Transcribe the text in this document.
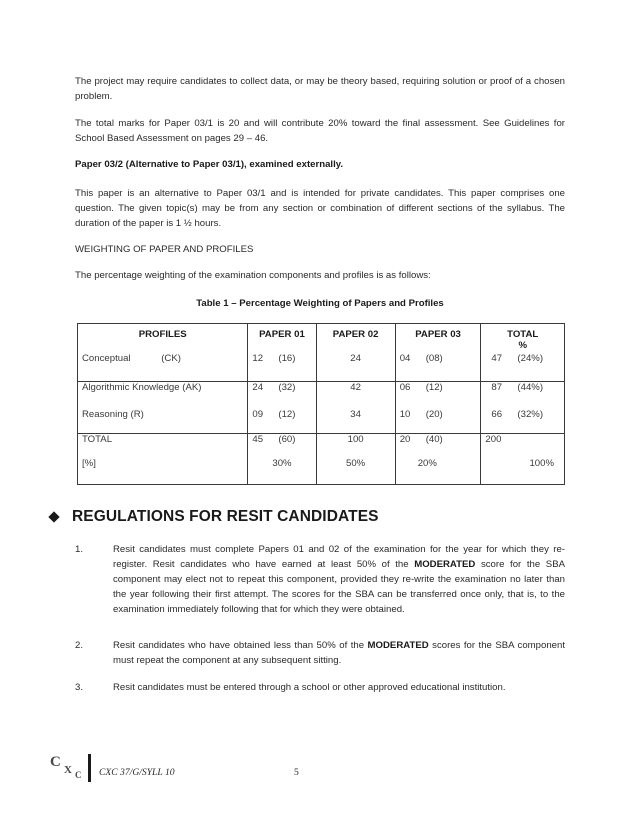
The project may require candidates to collect data, or may be theory based, requiring solution or proof of a chosen problem.

The total marks for Paper 03/1 is 20 and will contribute 20% toward the final assessment. See Guidelines for School Based Assessment on pages 29 – 46.

Paper 03/2 (Alternative to Paper 03/1), examined externally.

This paper is an alternative to Paper 03/1 and is intended for private candidates. This paper comprises one question. The given topic(s) may be from any section or combination of different sections of the syllabus. The duration of the paper is 1 ½ hours.

WEIGHTING OF PAPER AND PROFILES

The percentage weighting of the examination components and profiles is as follows:

Table 1 – Percentage Weighting of Papers and Profiles
PROFILES	PAPER 01	PAPER 02	PAPER 03	TOTAL
%

Conceptual (CK)	12 (16)	24	04 (08)	47 (24%)

Algorithmic Knowledge (AK)	24 (32)	42	06 (12)	87 (44%)

Reasoning (R)	09 (12)	34	10 (20)	66 (32%)

TOTAL	45 (60)	100	20 (40)	200
[%]	30%	50%	20%	100%
REGULATIONS FOR RESIT CANDIDATES
1.	Resit candidates must complete Papers 01 and 02 of the examination for the year for which they re-register. Resit candidates who have earned at least 50% of the MODERATED score for the SBA component may elect not to repeat this component, provided they re-write the examination no later than the year following their first attempt. The scores for the SBA can be transferred once only, that is, to the examination immediately following that for which they were obtained.
2.	Resit candidates who have obtained less than 50% of the MODERATED scores for the SBA component must repeat the component at any subsequent sitting.
3.	Resit candidates must be entered through a school or other approved educational institution.
C X C CXC 37/G/SYLL 10	5
